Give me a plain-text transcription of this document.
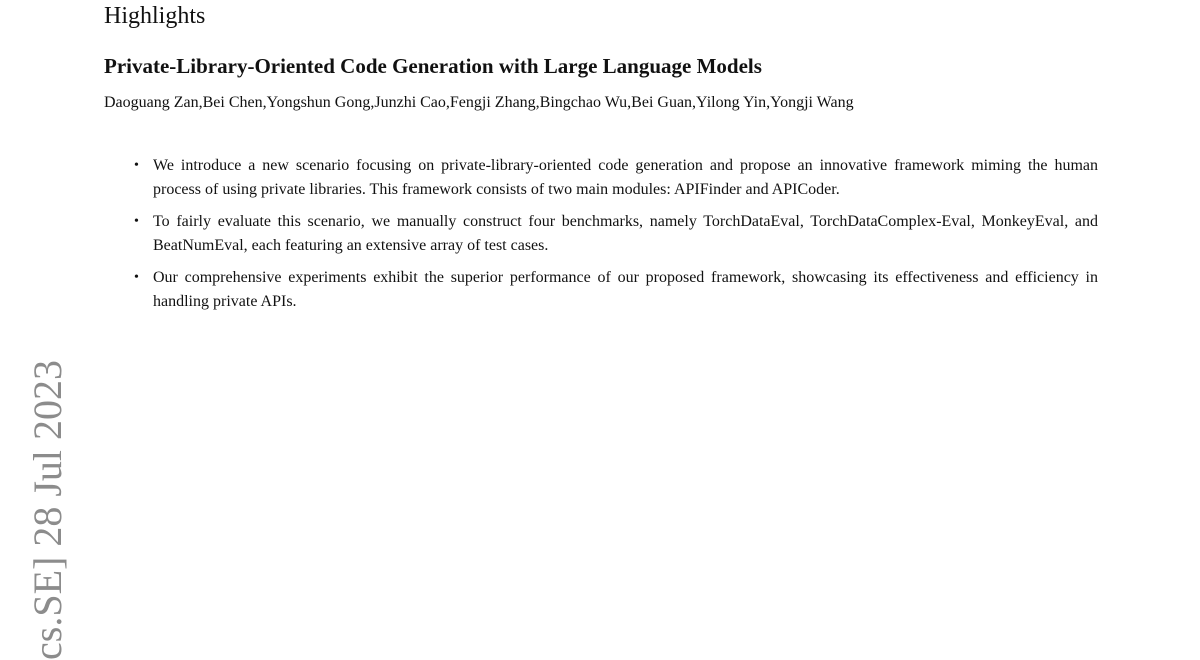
Highlights
Private-Library-Oriented Code Generation with Large Language Models

Daoguang Zan,Bei Chen,Yongshun Gong,Junzhi Cao,Fengji Zhang,Bingchao Wu,Bei Guan,Yilong Yin,Yongji Wang

• We introduce a new scenario focusing on private-library-oriented code generation and propose an innovative framework miming the human process of using private libraries. This framework consists of two main modules: APIFinder and APICoder.
• To fairly evaluate this scenario, we manually construct four benchmarks, namely TorchDataEval, TorchDataComplex-Eval, MonkeyEval, and BeatNumEval, each featuring an extensive array of test cases.
• Our comprehensive experiments exhibit the superior performance of our proposed framework, showcasing its effectiveness and efficiency in handling private APIs.
cs.SE] 28 Jul 2023
